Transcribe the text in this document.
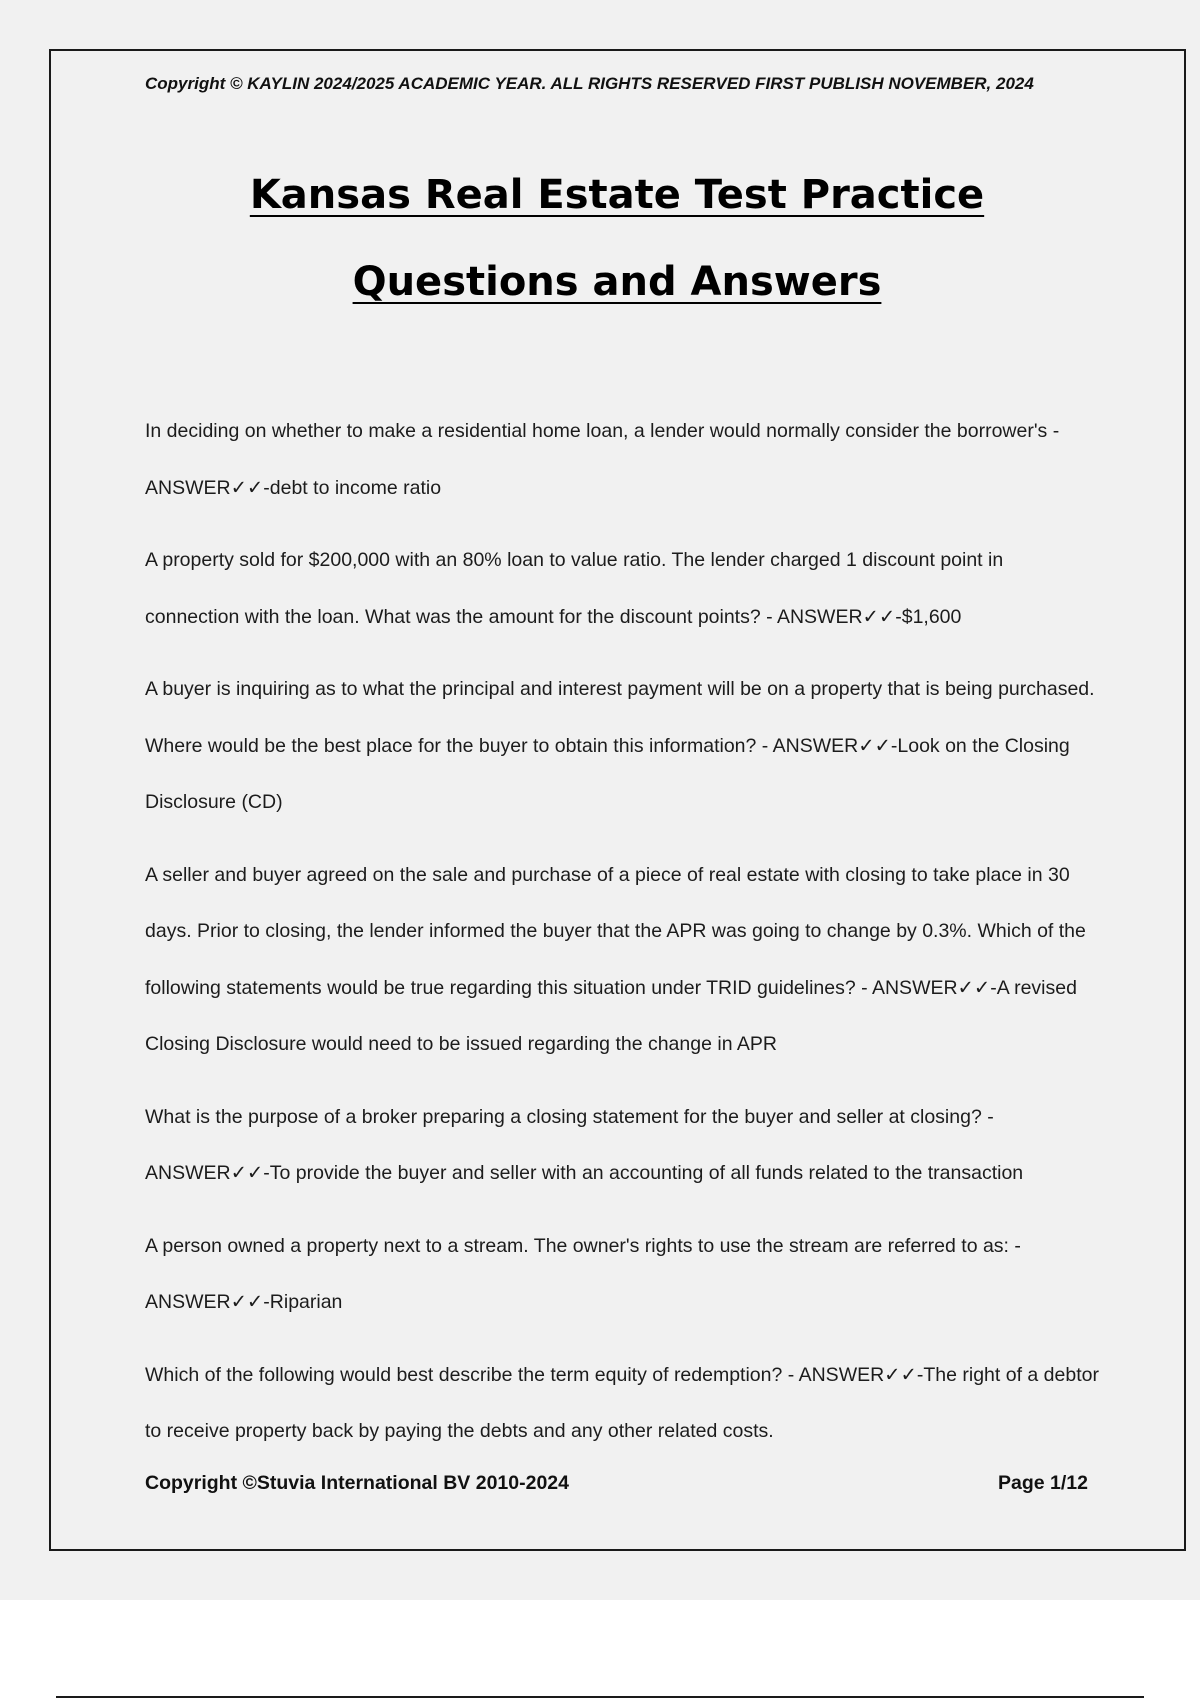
Copyright © KAYLIN 2024/2025 ACADEMIC YEAR. ALL RIGHTS RESERVED FIRST PUBLISH NOVEMBER, 2024
Kansas Real Estate Test Practice
Questions and Answers

In deciding on whether to make a residential home loan, a lender would normally consider the borrower's - ANSWER✓✓-debt to income ratio

A property sold for $200,000 with an 80% loan to value ratio. The lender charged 1 discount point in connection with the loan. What was the amount for the discount points? - ANSWER✓✓-$1,600

A buyer is inquiring as to what the principal and interest payment will be on a property that is being purchased. Where would be the best place for the buyer to obtain this information? - ANSWER✓✓-Look on the Closing Disclosure (CD)

A seller and buyer agreed on the sale and purchase of a piece of real estate with closing to take place in 30 days. Prior to closing, the lender informed the buyer that the APR was going to change by 0.3%. Which of the following statements would be true regarding this situation under TRID guidelines? - ANSWER✓✓-A revised Closing Disclosure would need to be issued regarding the change in APR

What is the purpose of a broker preparing a closing statement for the buyer and seller at closing? - ANSWER✓✓-To provide the buyer and seller with an accounting of all funds related to the transaction

A person owned a property next to a stream. The owner's rights to use the stream are referred to as: - ANSWER✓✓-Riparian

Which of the following would best describe the term equity of redemption? - ANSWER✓✓-The right of a debtor to receive property back by paying the debts and any other related costs.

Copyright ©Stuvia International BV 2010-2024	Page 1/12
